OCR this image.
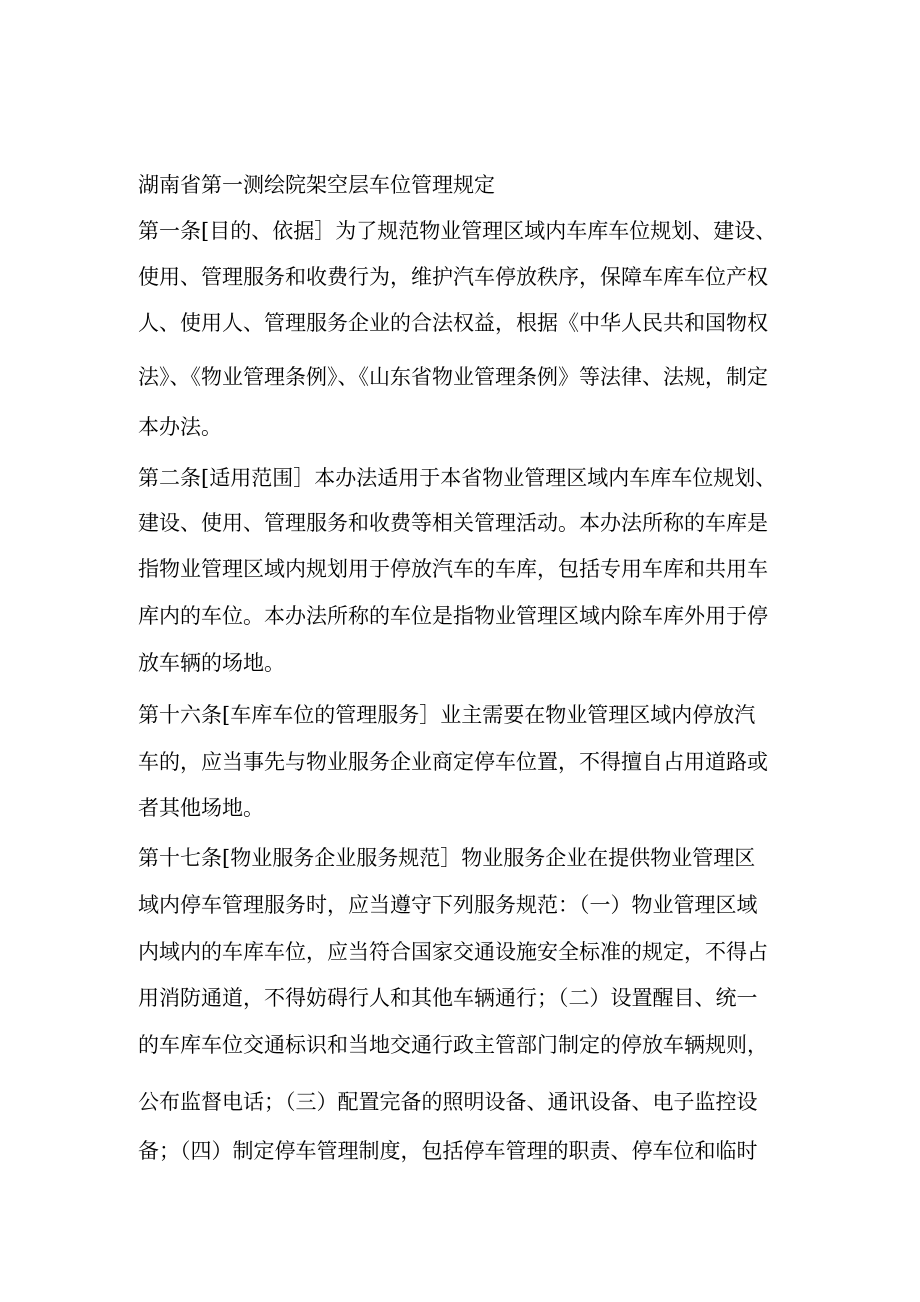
湖南省第一测绘院架空层车位管理规定
第一条[目的、依据］为了规范物业管理区域内车库车位规划、建设、
使用、管理服务和收费行为，维护汽车停放秩序，保障车库车位产权
人、使用人、管理服务企业的合法权益，根据《中华人民共和国物权
法》、《物业管理条例》、《山东省物业管理条例》等法律、法规，制定
本办法。
第二条[适用范围］本办法适用于本省物业管理区域内车库车位规划、
建设、使用、管理服务和收费等相关管理活动。本办法所称的车库是
指物业管理区域内规划用于停放汽车的车库，包括专用车库和共用车
库内的车位。本办法所称的车位是指物业管理区域内除车库外用于停
放车辆的场地。
第十六条[车库车位的管理服务］业主需要在物业管理区域内停放汽
车的，应当事先与物业服务企业商定停车位置，不得擅自占用道路或
者其他场地。
第十七条[物业服务企业服务规范］物业服务企业在提供物业管理区
域内停车管理服务时，应当遵守下列服务规范：（一）物业管理区域
内域内的车库车位，应当符合国家交通设施安全标准的规定，不得占
用消防通道，不得妨碍行人和其他车辆通行；（二）设置醒目、统一
的车库车位交通标识和当地交通行政主管部门制定的停放车辆规则，
公布监督电话；（三）配置完备的照明设备、通讯设备、电子监控设
备；（四）制定停车管理制度，包括停车管理的职责、停车位和临时
